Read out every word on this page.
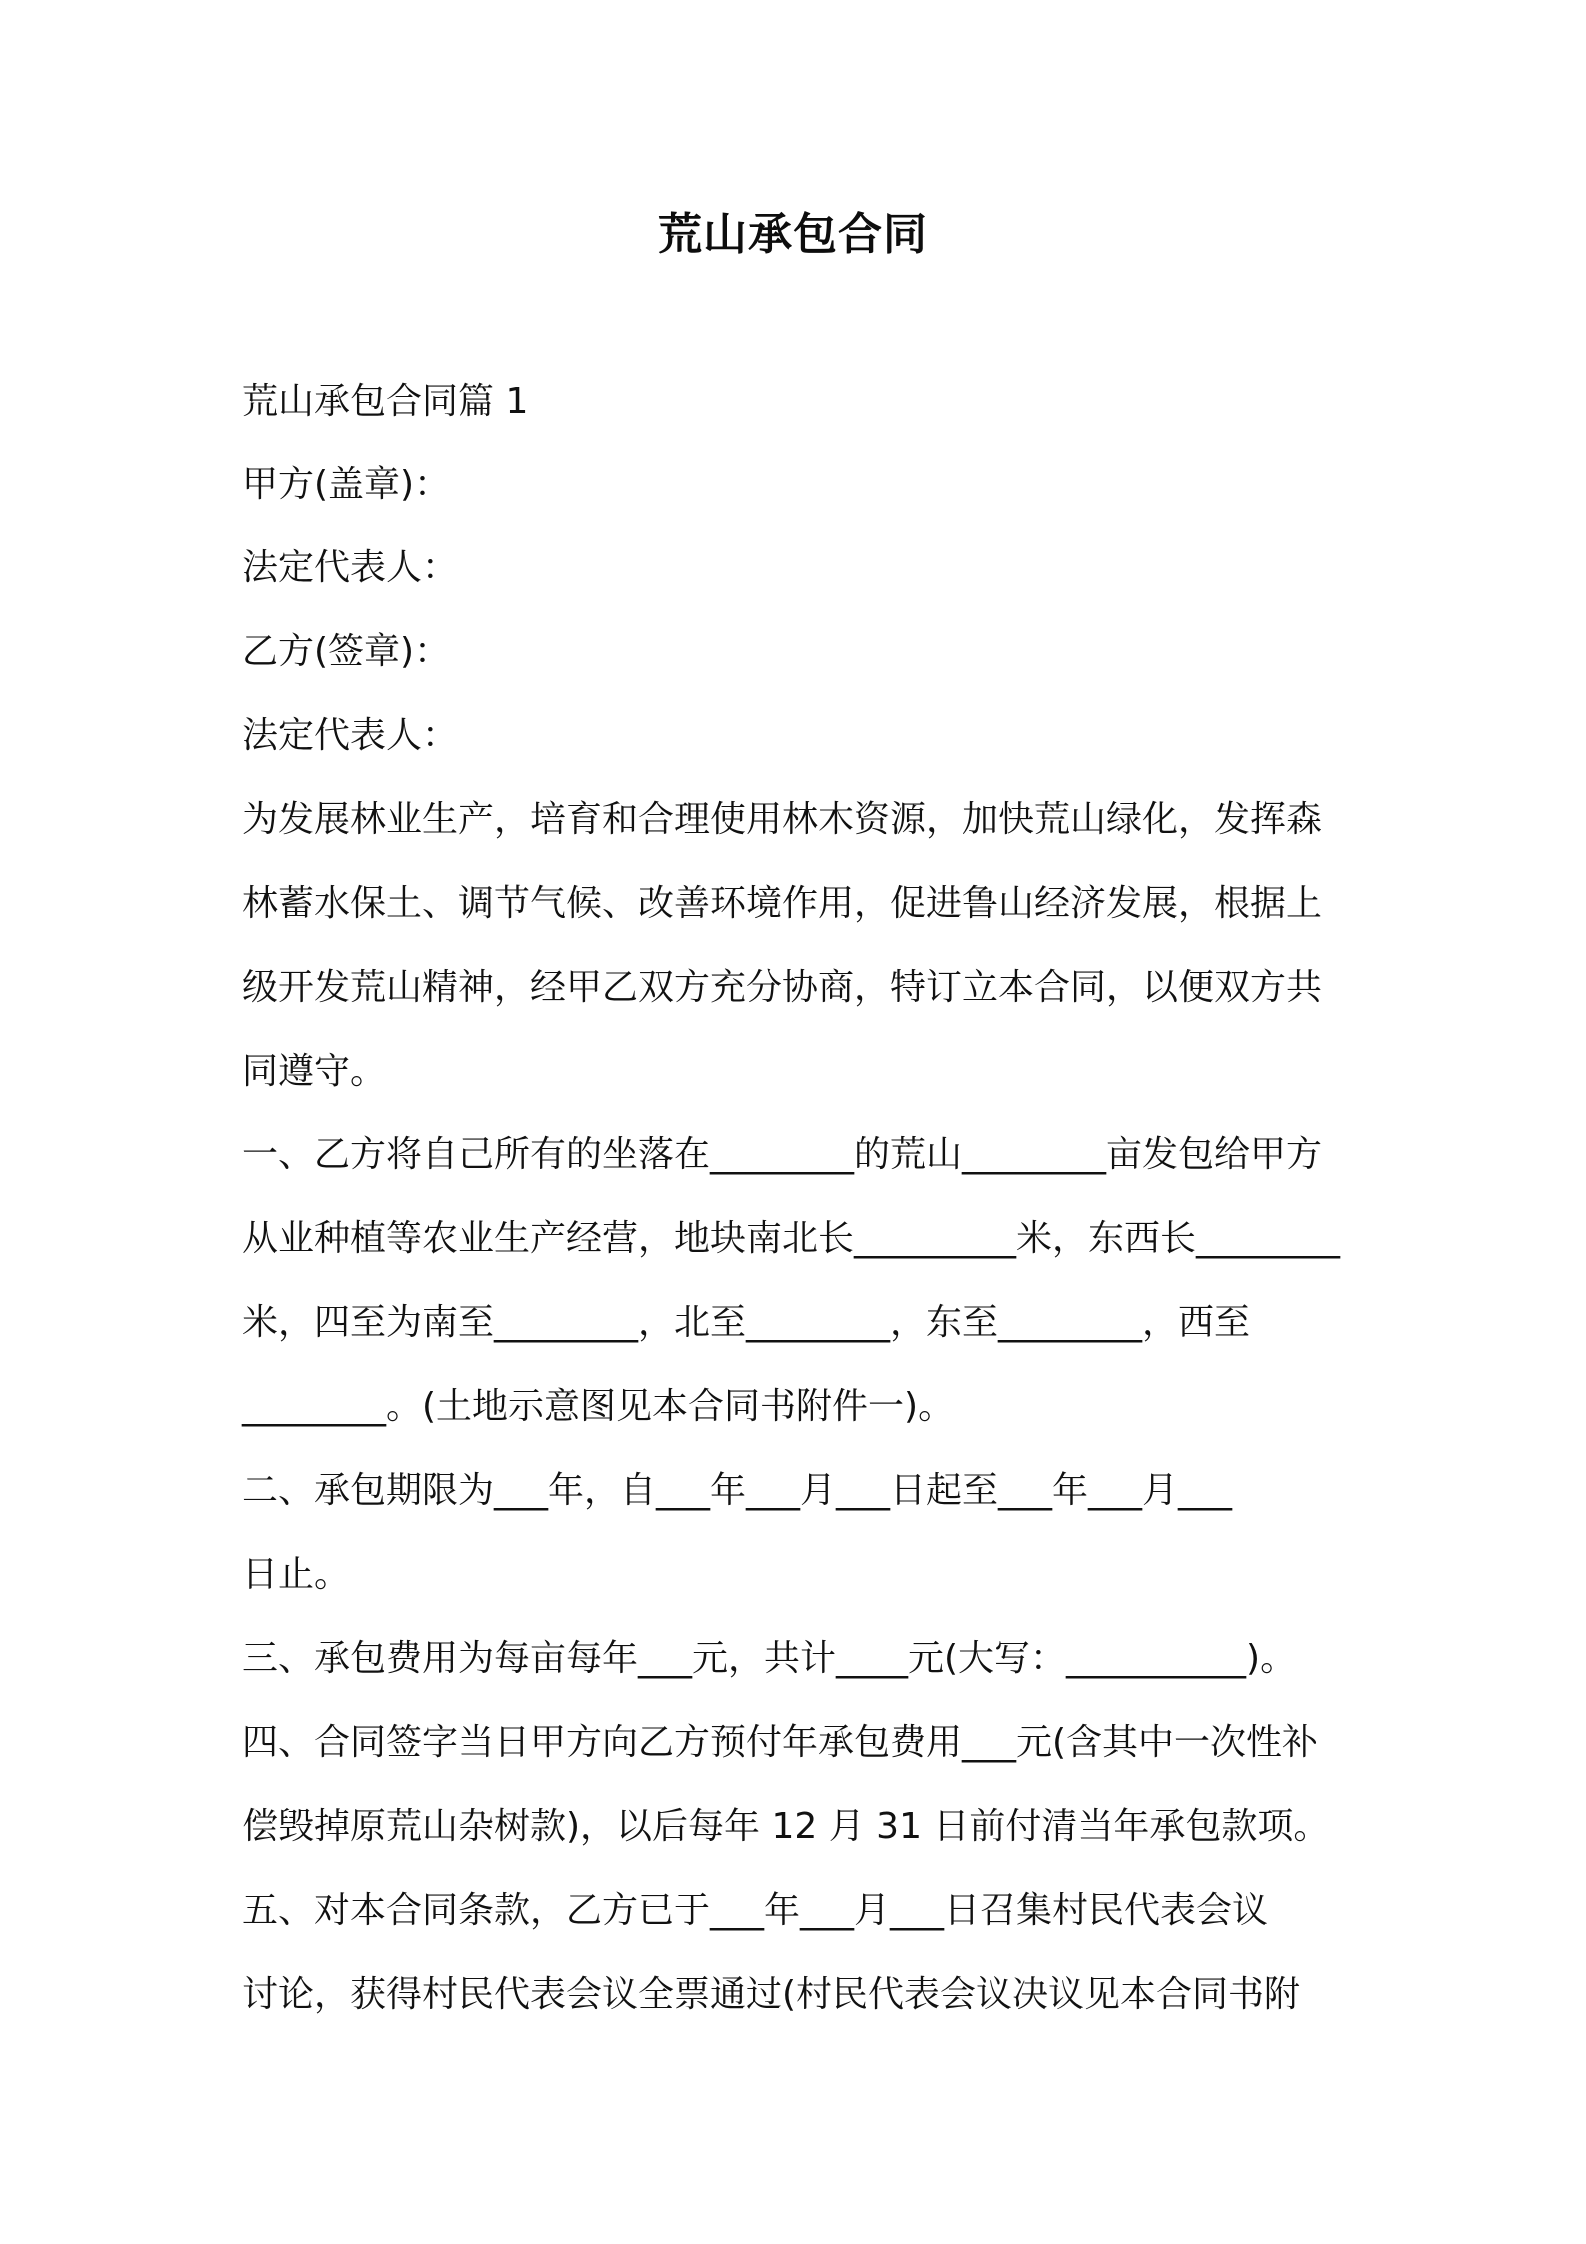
荒山承包合同
荒山承包合同篇 1
甲方(盖章)：
法定代表人：
乙方(签章)：
法定代表人：
为发展林业生产，培育和合理使用林木资源，加快荒山绿化，发挥森
林蓄水保土、调节气候、改善环境作用，促进鲁山经济发展，根据上
级开发荒山精神，经甲乙双方充分协商，特订立本合同，以便双方共
同遵守。
一、乙方将自己所有的坐落在________的荒山________亩发包给甲方
从业种植等农业生产经营，地块南北长_________米，东西长________
米，四至为南至________，北至________，东至________，西至
________。(土地示意图见本合同书附件一)。
二、承包期限为___年，自___年___月___日起至___年___月___
日止。
三、承包费用为每亩每年___元，共计____元(大写：__________)。
四、合同签字当日甲方向乙方预付年承包费用___元(含其中一次性补
偿毁掉原荒山杂树款)，以后每年 12 月 31 日前付清当年承包款项。
五、对本合同条款，乙方已于___年___月___日召集村民代表会议
讨论，获得村民代表会议全票通过(村民代表会议决议见本合同书附
